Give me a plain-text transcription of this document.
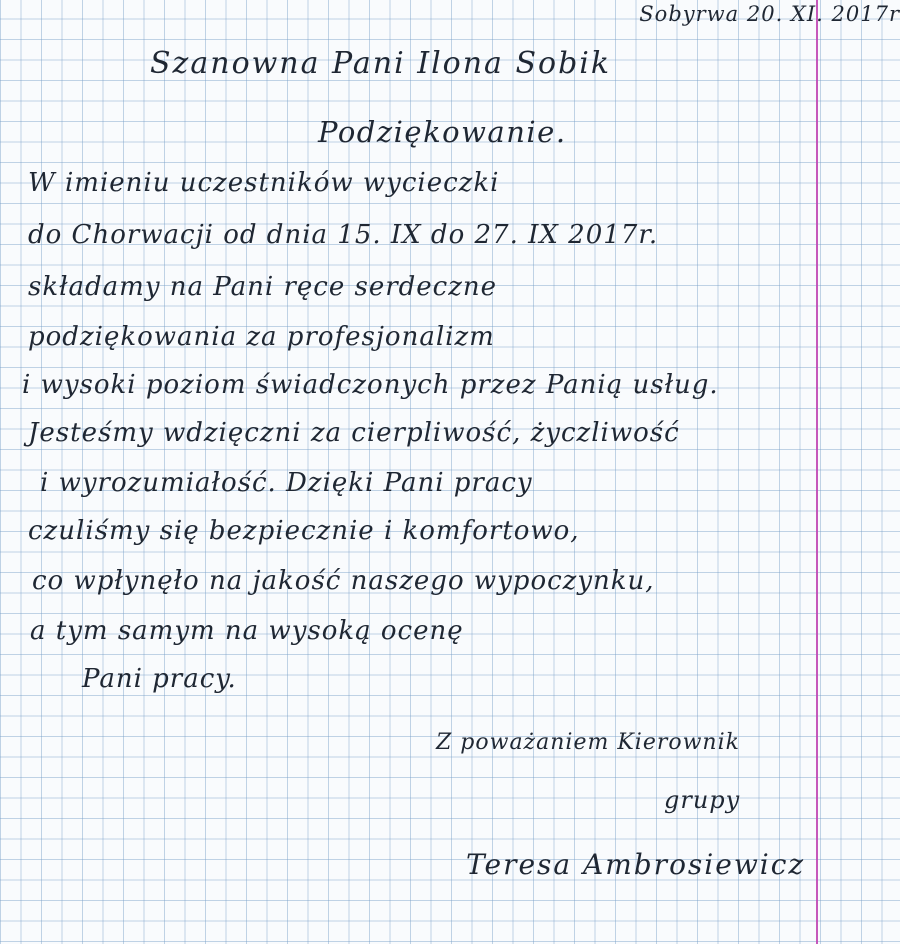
Sobyrwa 20. XI. 2017r
Szanowna Pani Ilona Sobik
Podziękowanie.
W imieniu uczestników wycieczki
do Chorwacji od dnia 15. IX do 27. IX 2017r.
składamy na Pani ręce serdeczne
podziękowania za profesjonalizm
i wysoki poziom świadczonych przez Panią usług.
Jesteśmy wdzięczni za cierpliwość, życzliwość
i wyrozumiałość. Dzięki Pani pracy
czuliśmy się bezpiecznie i komfortowo,
co wpłynęło na jakość naszego wypoczynku,
a tym samym na wysoką ocenę
Pani pracy.
Z poważaniem Kierownik
grupy
Teresa Ambrosiewicz
